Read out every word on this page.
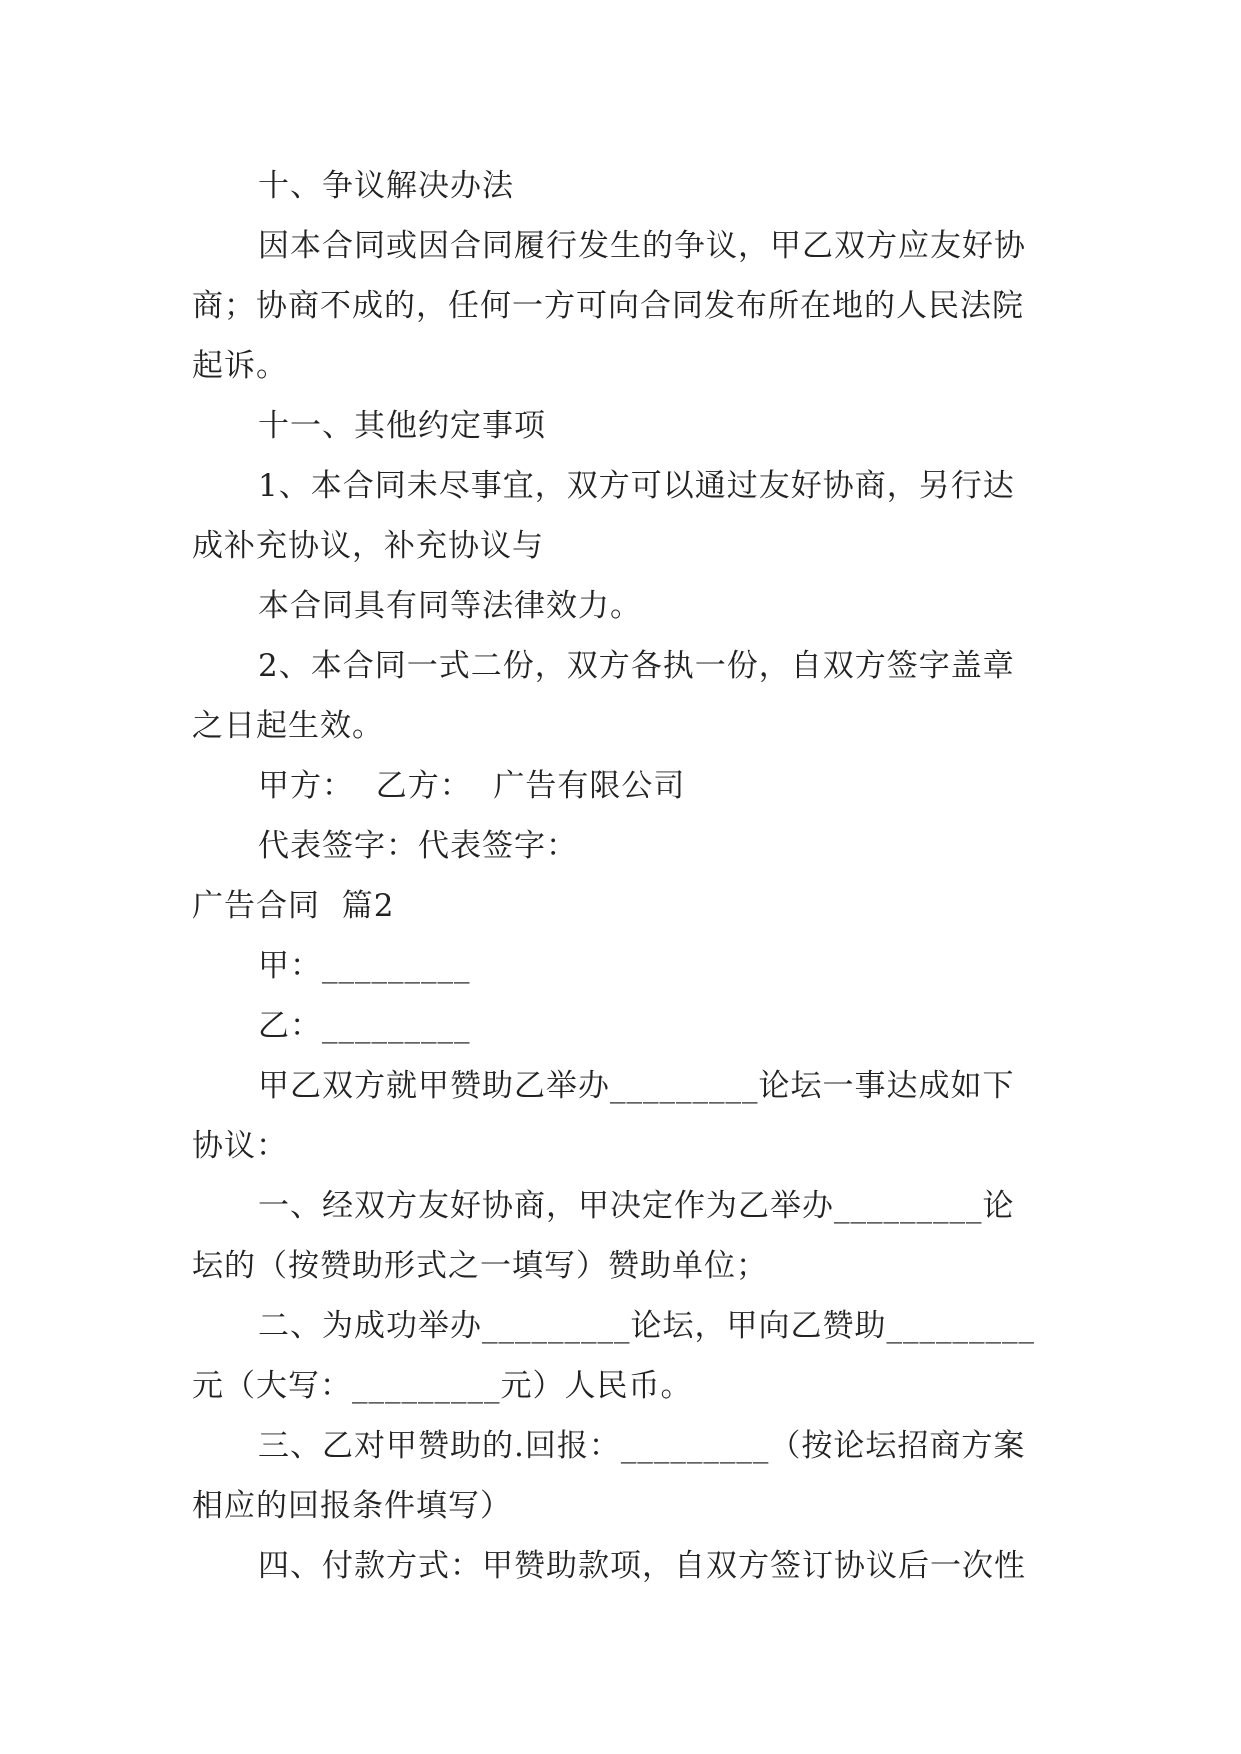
十、争议解决办法
因本合同或因合同履行发生的争议，甲乙双方应友好协
商；协商不成的，任何一方可向合同发布所在地的人民法院
起诉。
十一、其他约定事项
1、本合同未尽事宜，双方可以通过友好协商，另行达
成补充协议，补充协议与
本合同具有同等法律效力。
2、本合同一式二份，双方各执一份，自双方签字盖章
之日起生效。
甲方：  乙方：  广告有限公司
代表签字：代表签字：
广告合同  篇2
甲：_________
乙：_________
甲乙双方就甲赞助乙举办_________论坛一事达成如下
协议：
一、经双方友好协商，甲决定作为乙举办_________论
坛的（按赞助形式之一填写）赞助单位；
二、为成功举办_________论坛，甲向乙赞助_________
元（大写：_________元）人民币。
三、乙对甲赞助的.回报：_________（按论坛招商方案
相应的回报条件填写）
四、付款方式：甲赞助款项，自双方签订协议后一次性
